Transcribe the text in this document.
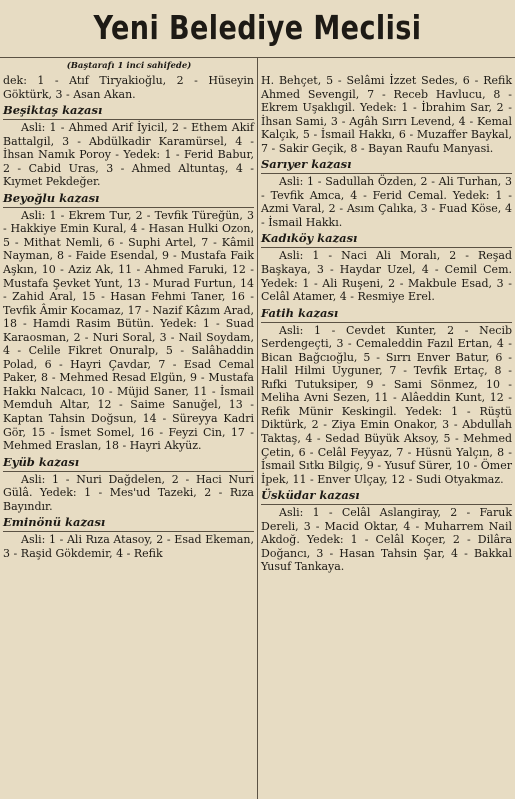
Yeni Belediye Meclisi
(Baştarafı 1 inci sahifede)

dek: 1 - Atıf Tiryakioğlu, 2 - Hüseyin Göktürk, 3 - Asan Akan.

Beşiktaş kazası

Asli: 1 - Ahmed Arif İyicil, 2 - Ethem Akif Battalgil, 3 - Abdülkadir Karamürsel, 4 - İhsan Namık Poroy - Yedek: 1 - Ferid Babur, 2 - Cabid Uras, 3 - Ahmed Altuntaş, 4 - Kıymet Pekdeğer.

Beyoğlu kazası

Asli: 1 - Ekrem Tur, 2 - Tevfik Türeğün, 3 - Hakkiye Emin Kural, 4 - Hasan Hulki Ozon, 5 - Mithat Nemli, 6 - Suphi Artel, 7 - Kâmil Nayman, 8 - Faide Esendal, 9 - Mustafa Faik Aşkın, 10 - Aziz Ak, 11 - Ahmed Faruki, 12 - Mustafa Şevket Yunt, 13 - Murad Furtun, 14 - Zahid Aral, 15 - Hasan Fehmi Taner, 16 - Tevfik Âmir Kocamaz, 17 - Nazif Kâzım Arad, 18 - Hamdi Rasim Bütün. Yedek: 1 - Suad Karaosman, 2 - Nuri Soral, 3 - Nail Soydam, 4 - Celile Fikret Onuralp, 5 - Salâhaddin Polad, 6 - Hayri Çavdar, 7 - Esad Cemal Paker, 8 - Mehmed Resad Elgün, 9 - Mustafa Hakkı Nalcacı, 10 - Müjid Saner, 11 - İsmail Memduh Altar, 12 - Saime Sanuğel, 13 - Kaptan Tahsin Doğsun, 14 - Süreyya Kadri Gör, 15 - İsmet Somel, 16 - Feyzi Cin, 17 - Mehmed Eraslan, 18 - Hayri Akyüz.

Eyüb kazası

Asli: 1 - Nuri Dağdelen, 2 - Haci Nuri Gülâ. Yedek: 1 - Mes'ud Tazeki, 2 - Rıza Bayındır.

Eminönü kazası

Asli: 1 - Ali Rıza Atasoy, 2 - Esad Ekeman, 3 - Raşid Gökdemir, 4 - Refik

H. Behçet, 5 - Selâmi İzzet Sedes, 6 - Refik Ahmed Sevengil, 7 - Receb Havlucu, 8 - Ekrem Uşaklıgil. Yedek: 1 - İbrahim Sar, 2 - İhsan Sami, 3 - Agâh Sırrı Levend, 4 - Kemal Kalçık, 5 - İsmail Hakkı, 6 - Muzaffer Baykal, 7 - Sakir Geçik, 8 - Bayan Raufu Manyasi.

Sarıyer kazası

Asli: 1 - Sadullah Özden, 2 - Ali Turhan, 3 - Tevfik Amca, 4 - Ferid Cemal. Yedek: 1 - Azmi Varal, 2 - Asım Çalıka, 3 - Fuad Köse, 4 - İsmail Hakkı.

Kadıköy kazası

Asli: 1 - Naci Ali Moralı, 2 - Reşad Başkaya, 3 - Haydar Uzel, 4 - Cemil Cem. Yedek: 1 - Ali Ruşeni, 2 - Makbule Esad, 3 - Celâl Atamer, 4 - Resmiye Erel.

Fatih kazası

Asli: 1 - Cevdet Kunter, 2 - Necib Serdengeçti, 3 - Cemaleddin Fazıl Ertan, 4 - Bican Bağcıoğlu, 5 - Sırrı Enver Batur, 6 - Halil Hilmi Uyguner, 7 - Tevfik Ertaç, 8 - Rıfki Tutuksiper, 9 - Sami Sönmez, 10 - Meliha Avni Sezen, 11 - Alâeddin Kunt, 12 - Refik Münir Keskingil. Yedek: 1 - Rüştü Diktürk, 2 - Ziya Emin Onakor, 3 - Abdullah Taktaş, 4 - Sedad Büyük Aksoy, 5 - Mehmed Çetin, 6 - Celâl Feyyaz, 7 - Hüsnü Yalçın, 8 - İsmail Sıtkı Bilgiç, 9 - Yusuf Sürer, 10 - Ömer İpek, 11 - Enver Ulçay, 12 - Sudi Otyakmaz.

Üsküdar kazası

Asli: 1 - Celâl Aslangiray, 2 - Faruk Dereli, 3 - Macid Oktar, 4 - Muharrem Nail Akdoğ. Yedek: 1 - Celâl Koçer, 2 - Dilâra Doğancı, 3 - Hasan Tahsin Şar, 4 - Bakkal Yusuf Tankaya.
